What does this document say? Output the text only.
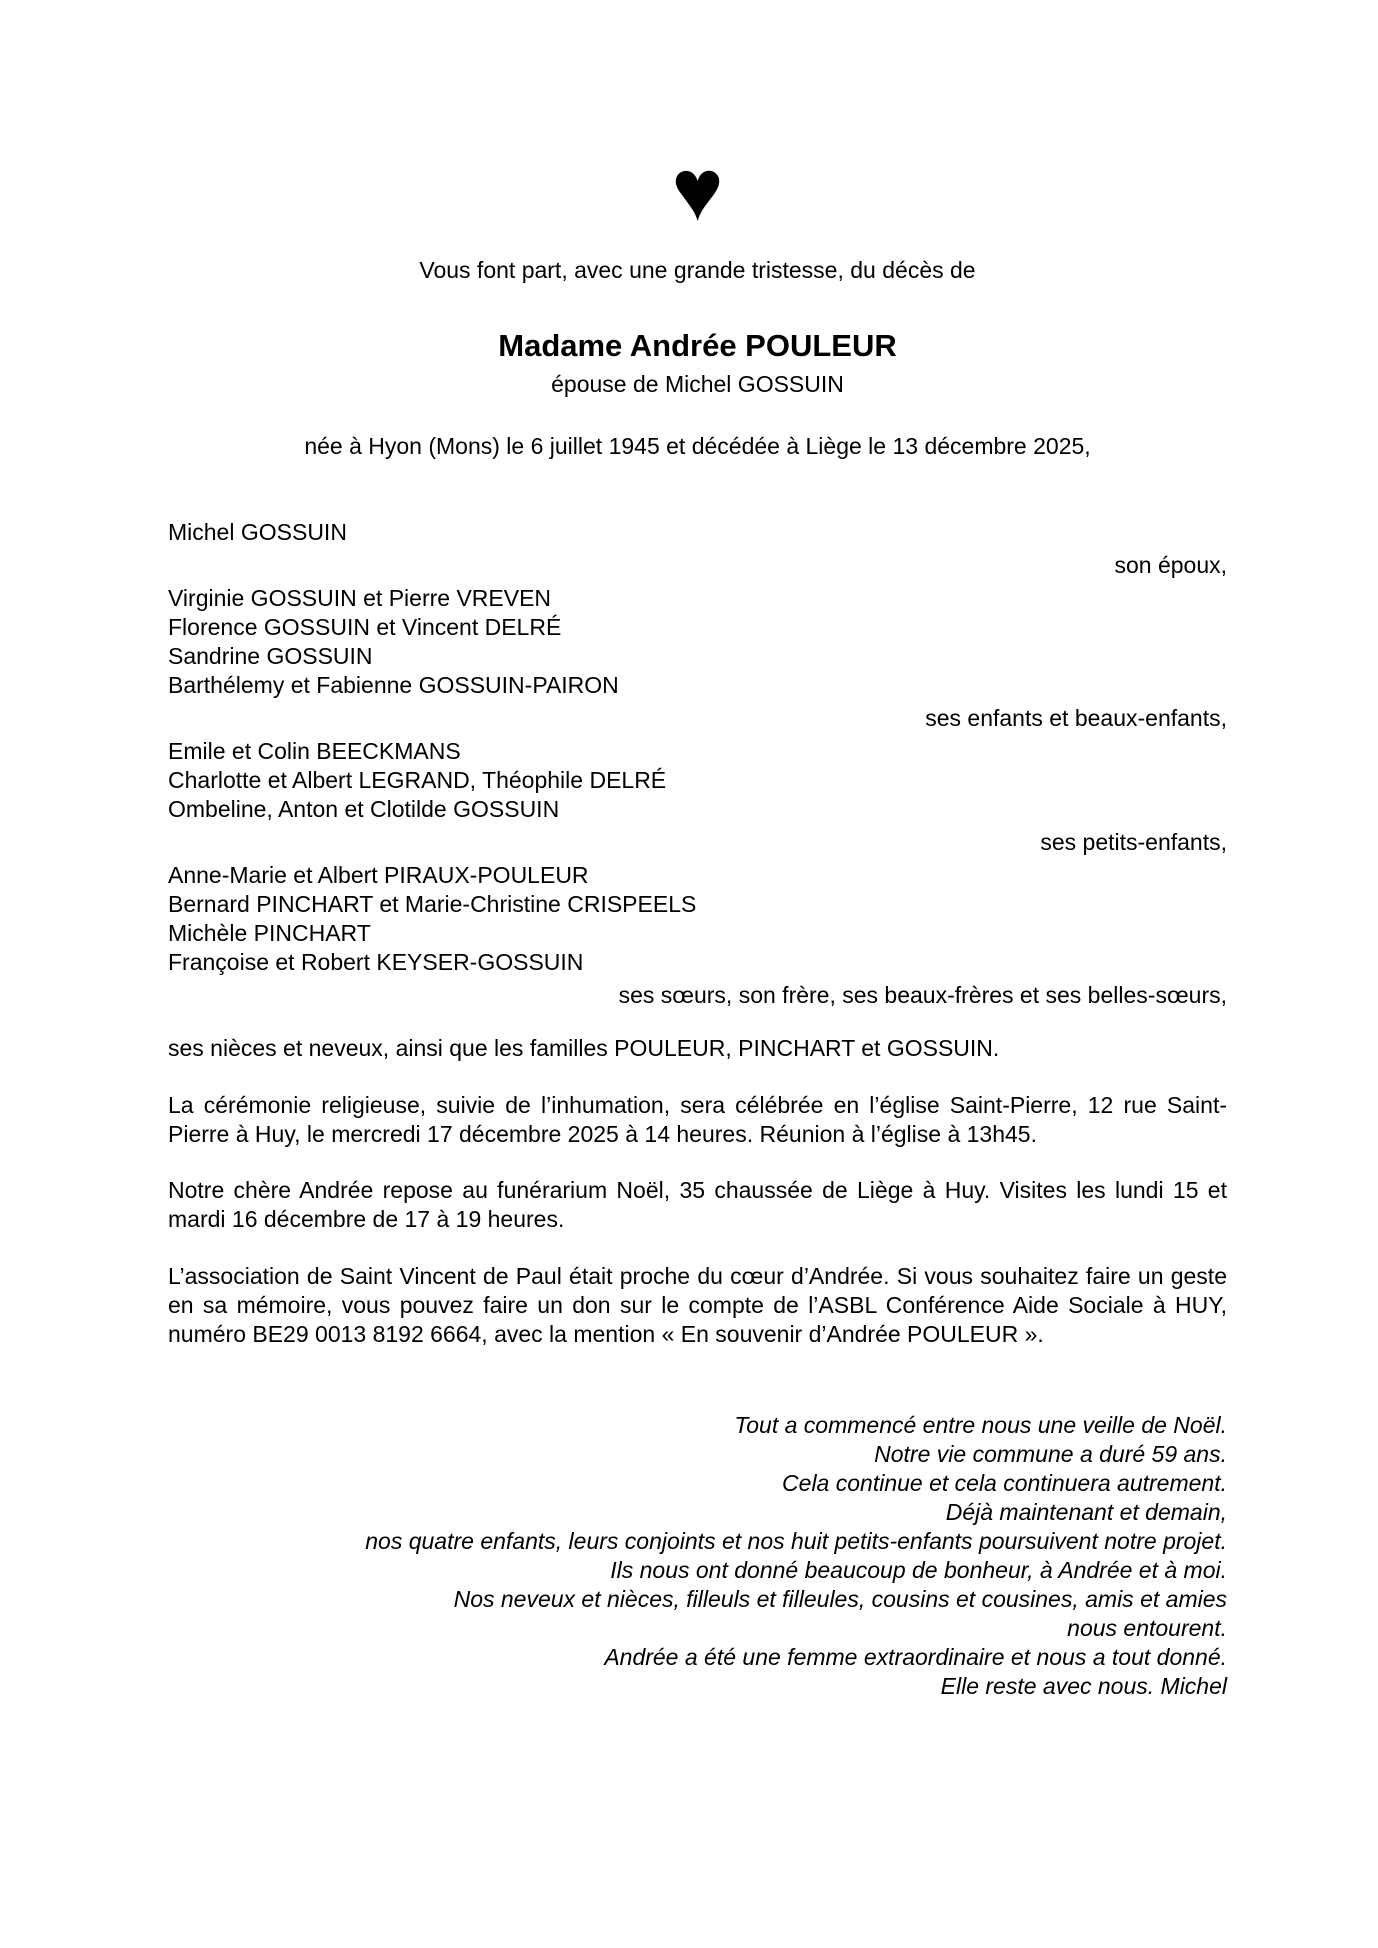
♥
Vous font part, avec une grande tristesse, du décès de
Madame Andrée POULEUR
épouse de Michel GOSSUIN
née à Hyon (Mons) le 6 juillet 1945 et décédée à Liège le 13 décembre 2025,
Michel GOSSUIN
son époux,
Virginie GOSSUIN et Pierre VREVEN
Florence GOSSUIN et Vincent DELRÉ
Sandrine GOSSUIN
Barthélemy et Fabienne GOSSUIN-PAIRON
ses enfants et beaux-enfants,
Emile et Colin BEECKMANS
Charlotte et Albert LEGRAND, Théophile DELRÉ
Ombeline, Anton et Clotilde GOSSUIN
ses petits-enfants,
Anne-Marie et Albert PIRAUX-POULEUR
Bernard PINCHART et Marie-Christine CRISPEELS
Michèle PINCHART
Françoise et Robert KEYSER-GOSSUIN
ses sœurs, son frère, ses beaux-frères et ses belles-sœurs,
ses nièces et neveux, ainsi que les familles POULEUR, PINCHART et GOSSUIN.
La cérémonie religieuse, suivie de l’inhumation, sera célébrée en l’église Saint-Pierre, 12 rue Saint-Pierre à Huy, le mercredi 17 décembre 2025 à 14 heures. Réunion à l’église à 13h45.
Notre chère Andrée repose au funérarium Noël, 35 chaussée de Liège à Huy. Visites les lundi 15 et mardi 16 décembre de 17 à 19 heures.
L’association de Saint Vincent de Paul était proche du cœur d’Andrée. Si vous souhaitez faire un geste en sa mémoire, vous pouvez faire un don sur le compte de l’ASBL Conférence Aide Sociale à HUY, numéro BE29 0013 8192 6664, avec la mention « En souvenir d’Andrée POULEUR ».
Tout a commencé entre nous une veille de Noël.
Notre vie commune a duré 59 ans.
Cela continue et cela continuera autrement.
Déjà maintenant et demain,
nos quatre enfants, leurs conjoints et nos huit petits-enfants poursuivent notre projet.
Ils nous ont donné beaucoup de bonheur, à Andrée et à moi.
Nos neveux et nièces, filleuls et filleules, cousins et cousines, amis et amies
nous entourent.
Andrée a été une femme extraordinaire et nous a tout donné.
Elle reste avec nous. Michel
